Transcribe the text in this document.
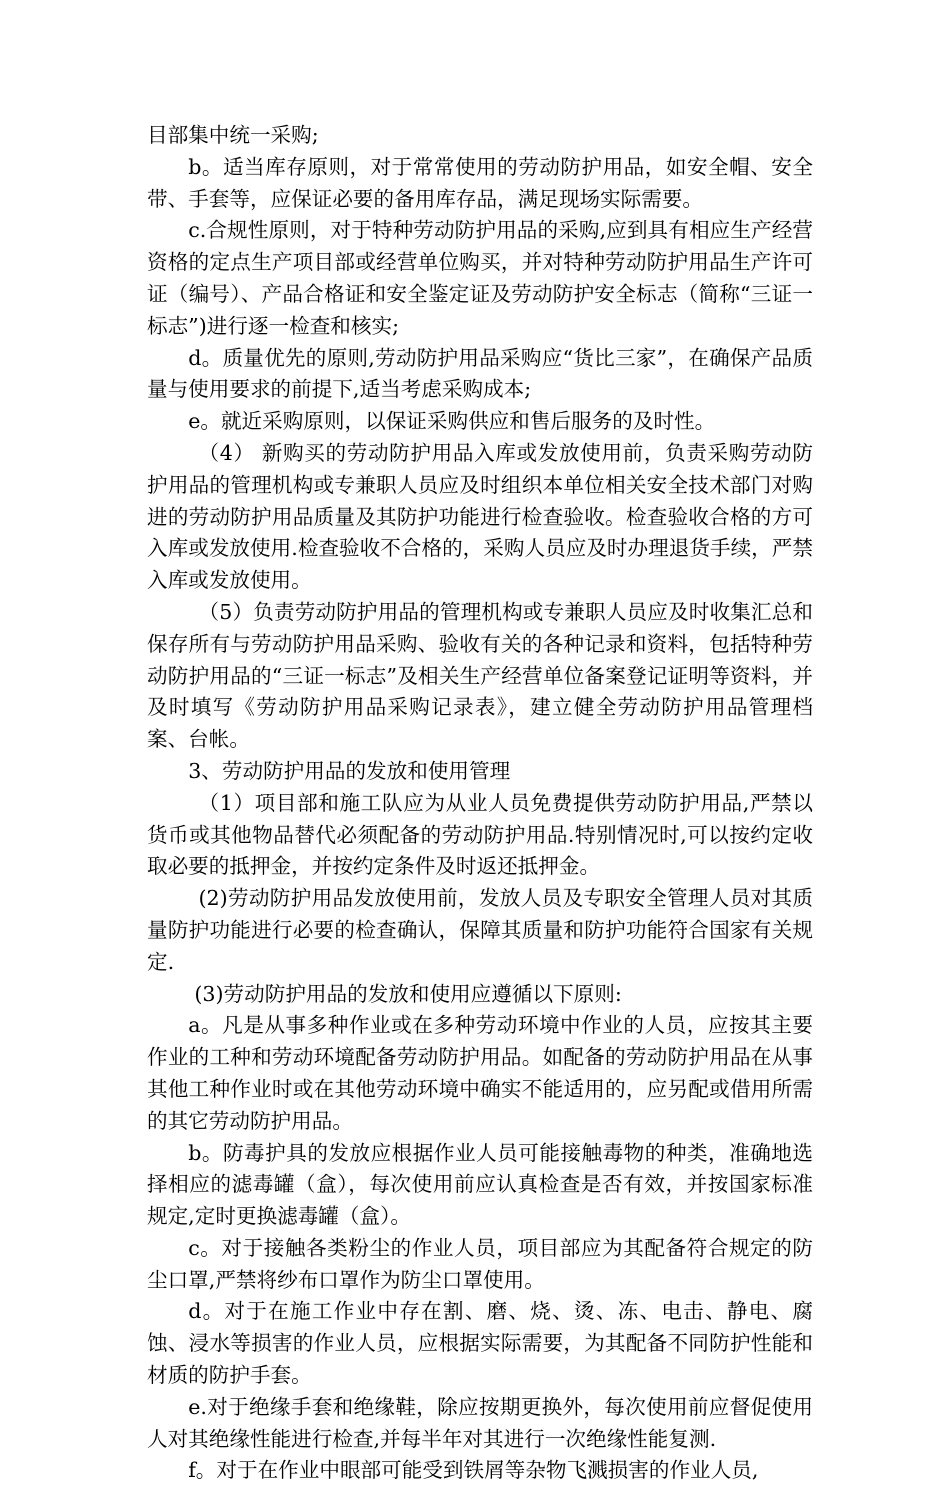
目部集中统一采购;

b。适当库存原则，对于常常使用的劳动防护用品，如安全帽、安全带、手套等，应保证必要的备用库存品，满足现场实际需要。

c.合规性原则，对于特种劳动防护用品的采购,应到具有相应生产经营资格的定点生产项目部或经营单位购买，并对特种劳动防护用品生产许可证（编号）、产品合格证和安全鉴定证及劳动防护安全标志（简称“三证一标志”)进行逐一检查和核实;

d。质量优先的原则,劳动防护用品采购应“货比三家”，在确保产品质量与使用要求的前提下,适当考虑采购成本;

e。就近采购原则，以保证采购供应和售后服务的及时性。

（4） 新购买的劳动防护用品入库或发放使用前，负责采购劳动防护用品的管理机构或专兼职人员应及时组织本单位相关安全技术部门对购进的劳动防护用品质量及其防护功能进行检查验收。检查验收合格的方可入库或发放使用.检查验收不合格的，采购人员应及时办理退货手续，严禁入库或发放使用。

（5）负责劳动防护用品的管理机构或专兼职人员应及时收集汇总和保存所有与劳动防护用品采购、验收有关的各种记录和资料，包括特种劳动防护用品的“三证一标志”及相关生产经营单位备案登记证明等资料，并及时填写《劳动防护用品采购记录表》，建立健全劳动防护用品管理档案、台帐。

3、劳动防护用品的发放和使用管理

（1）项目部和施工队应为从业人员免费提供劳动防护用品,严禁以货币或其他物品替代必须配备的劳动防护用品.特别情况时,可以按约定收取必要的抵押金，并按约定条件及时返还抵押金。

(2)劳动防护用品发放使用前，发放人员及专职安全管理人员对其质量防护功能进行必要的检查确认，保障其质量和防护功能符合国家有关规定.

(3)劳动防护用品的发放和使用应遵循以下原则:

a。凡是从事多种作业或在多种劳动环境中作业的人员，应按其主要作业的工种和劳动环境配备劳动防护用品。如配备的劳动防护用品在从事其他工种作业时或在其他劳动环境中确实不能适用的，应另配或借用所需的其它劳动防护用品。

b。防毒护具的发放应根据作业人员可能接触毒物的种类，准确地选择相应的滤毒罐（盒），每次使用前应认真检查是否有效，并按国家标准规定,定时更换滤毒罐（盒）。

c。对于接触各类粉尘的作业人员，项目部应为其配备符合规定的防尘口罩,严禁将纱布口罩作为防尘口罩使用。

d。对于在施工作业中存在割、磨、烧、烫、冻、电击、静电、腐蚀、浸水等损害的作业人员，应根据实际需要，为其配备不同防护性能和材质的防护手套。

e.对于绝缘手套和绝缘鞋，除应按期更换外，每次使用前应督促使用人对其绝缘性能进行检查,并每半年对其进行一次绝缘性能复测.

f。对于在作业中眼部可能受到铁屑等杂物飞溅损害的作业人员,
